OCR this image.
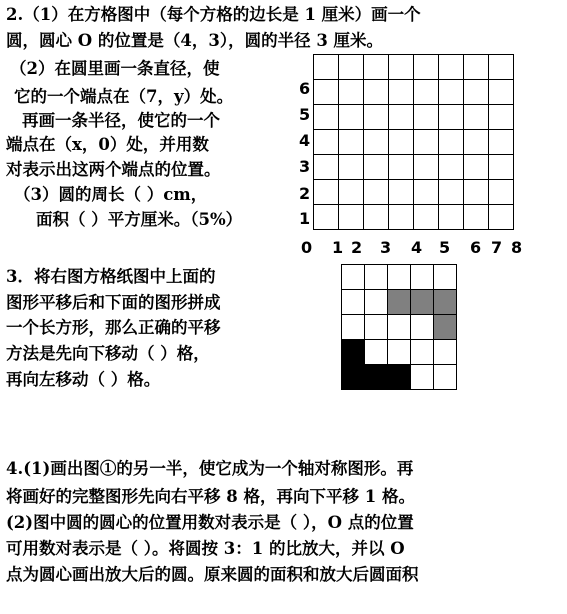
2.（1）在方格图中（每个方格的边长是 1 厘米）画一个
圆，圆心 O 的位置是（4，3），圆的半径 3 厘米。
（2）在圆里画一条直径，使
它的一个端点在（7，y）处。
再画一条半径，使它的一个
端点在（x，0）处，并用数
对表示出这两个端点的位置。
（3）圆的周长（ ）cm，
面积（ ）平方厘米。（5%）

6
5
4
3
2
1
0 1 2 3 4 5 6 7 8
3．将右图方格纸图中上面的
图形平移后和下面的图形拼成
一个长方形，那么正确的平移
方法是先向下移动（ ）格，
再向左移动（ ）格。

4.(1)画出图①的另一半，使它成为一个轴对称图形。再
将画好的完整图形先向右平移 8 格，再向下平移 1 格。
(2)图中圆的圆心的位置用数对表示是（ ），O 点的位置
可用数对表示是（ ）。将圆按 3：1 的比放大，并以 O
点为圆心画出放大后的圆。原来圆的面积和放大后圆面积
